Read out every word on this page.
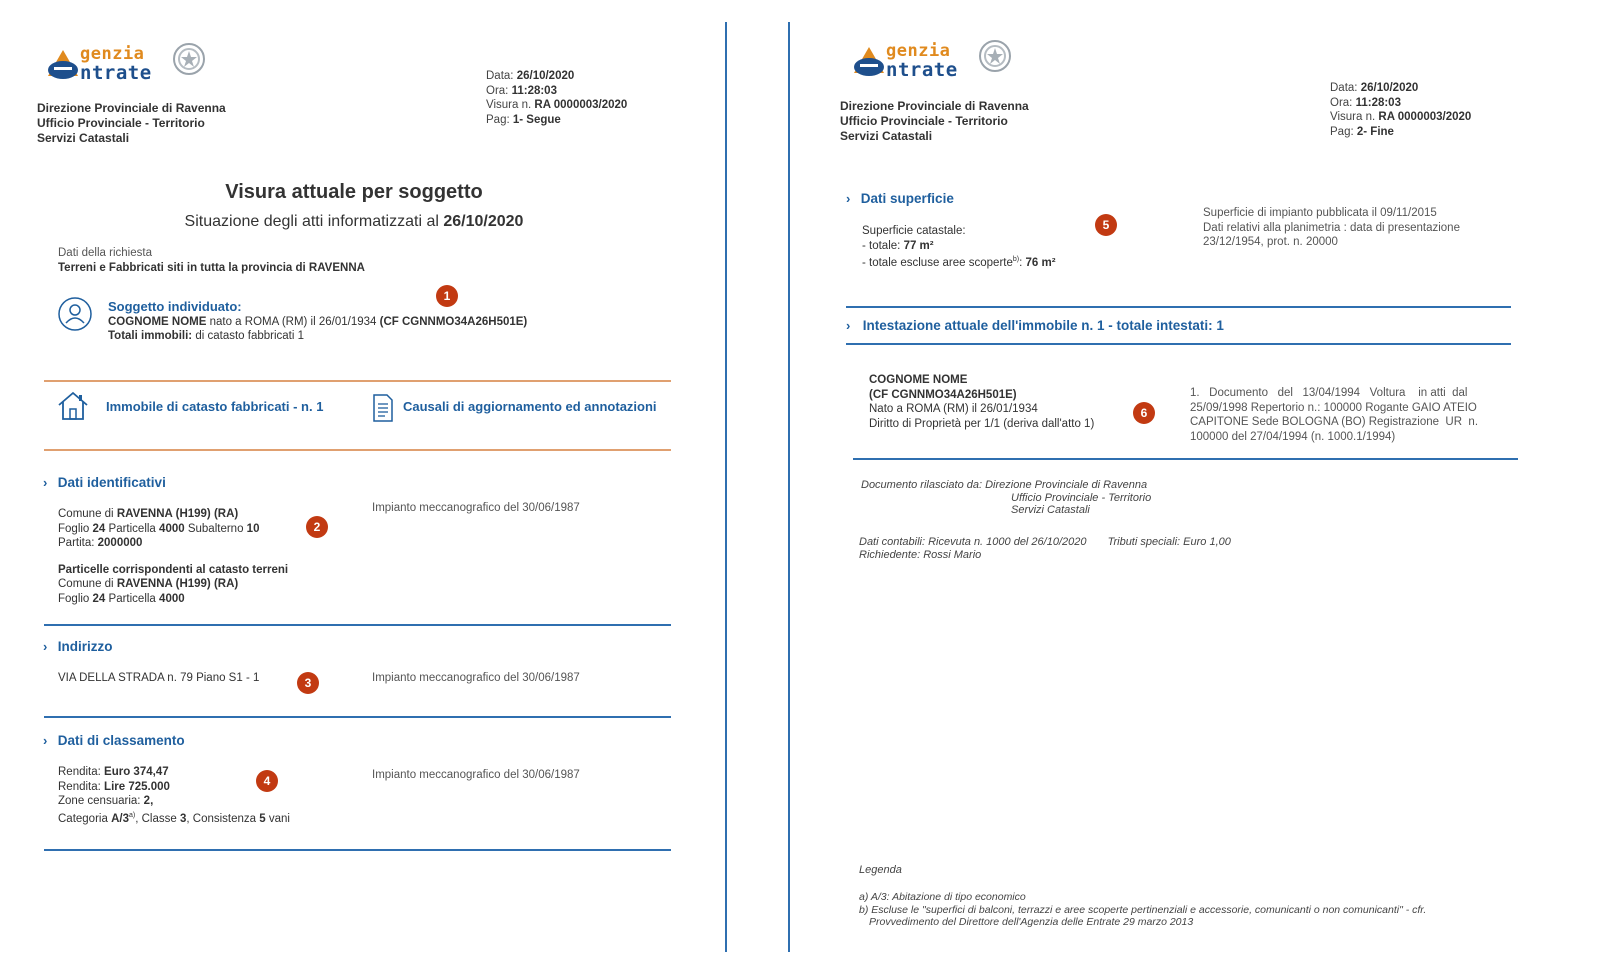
genzia
ntrate
Direzione Provinciale di Ravenna
Ufficio Provinciale - Territorio
Servizi Catastali
Data: 26/10/2020
Ora: 11:28:03
Visura n. RA 0000003/2020
Pag: 1- Segue
Visura attuale per soggetto
Situazione degli atti informatizzati al 26/10/2020
Dati della richiesta
Terreni e Fabbricati siti in tutta la provincia di RAVENNA
Soggetto individuato:
COGNOME NOME nato a ROMA (RM) il 26/01/1934 (CF CGNNMO34A26H501E)
Totali immobili: di catasto fabbricati 1
Immobile di catasto fabbricati - n. 1	Causali di aggiornamento ed annotazioni
› Dati identificativi
Comune di RAVENNA (H199) (RA)
Foglio 24 Particella 4000 Subalterno 10
Partita: 2000000
Particelle corrispondenti al catasto terreni
Comune di RAVENNA (H199) (RA)
Foglio 24 Particella 4000
Impianto meccanografico del 30/06/1987
› Indirizzo
VIA DELLA STRADA n. 79 Piano S1 - 1	Impianto meccanografico del 30/06/1987
› Dati di classamento
Rendita: Euro 374,47
Rendita: Lire 725.000
Zone censuaria: 2,
Categoria A/3$^{a)}$, Classe 3, Consistenza 5 vani
Impianto meccanografico del 30/06/1987
1
2
3
4
genzia
ntrate
Direzione Provinciale di Ravenna
Ufficio Provinciale - Territorio
Servizi Catastali
Data: 26/10/2020
Ora: 11:28:03
Visura n. RA 0000003/2020
Pag: 2- Fine
› Dati superficie
Superficie catastale:
- totale: 77 m²
- totale escluse aree scoperte$^{b)}$: 76 m²
Superficie di impianto pubblicata il 09/11/2015
Dati relativi alla planimetria : data di presentazione
23/12/1954, prot. n. 20000
› Intestazione attuale dell'immobile n. 1 - totale intestati: 1
COGNOME NOME
(CF CGNNMO34A26H501E)
Nato a ROMA (RM) il 26/01/1934
Diritto di Proprietà per 1/1 (deriva dall'atto 1)
1.   Documento   del   13/04/1994   Voltura    in atti  dal
25/09/1998 Repertorio n.: 100000 Rogante GAIO ATEIO
CAPITONE Sede BOLOGNA (BO) Registrazione  UR  n.
100000 del 27/04/1994 (n. 1000.1/1994)
Documento rilasciato da: Direzione Provinciale di Ravenna
Ufficio Provinciale - Territorio
Servizi Catastali
Dati contabili: Ricevuta n. 1000 del 26/10/2020 Tributi speciali: Euro 1,00
Richiedente: Rossi Mario
Legenda
a) A/3: Abitazione di tipo economico
b) Escluse le "superfici di balconi, terrazzi e aree scoperte pertinenziali e accessorie, comunicanti o non comunicanti" - cfr.
Provvedimento del Direttore dell'Agenzia delle Entrate 29 marzo 2013
5
6
